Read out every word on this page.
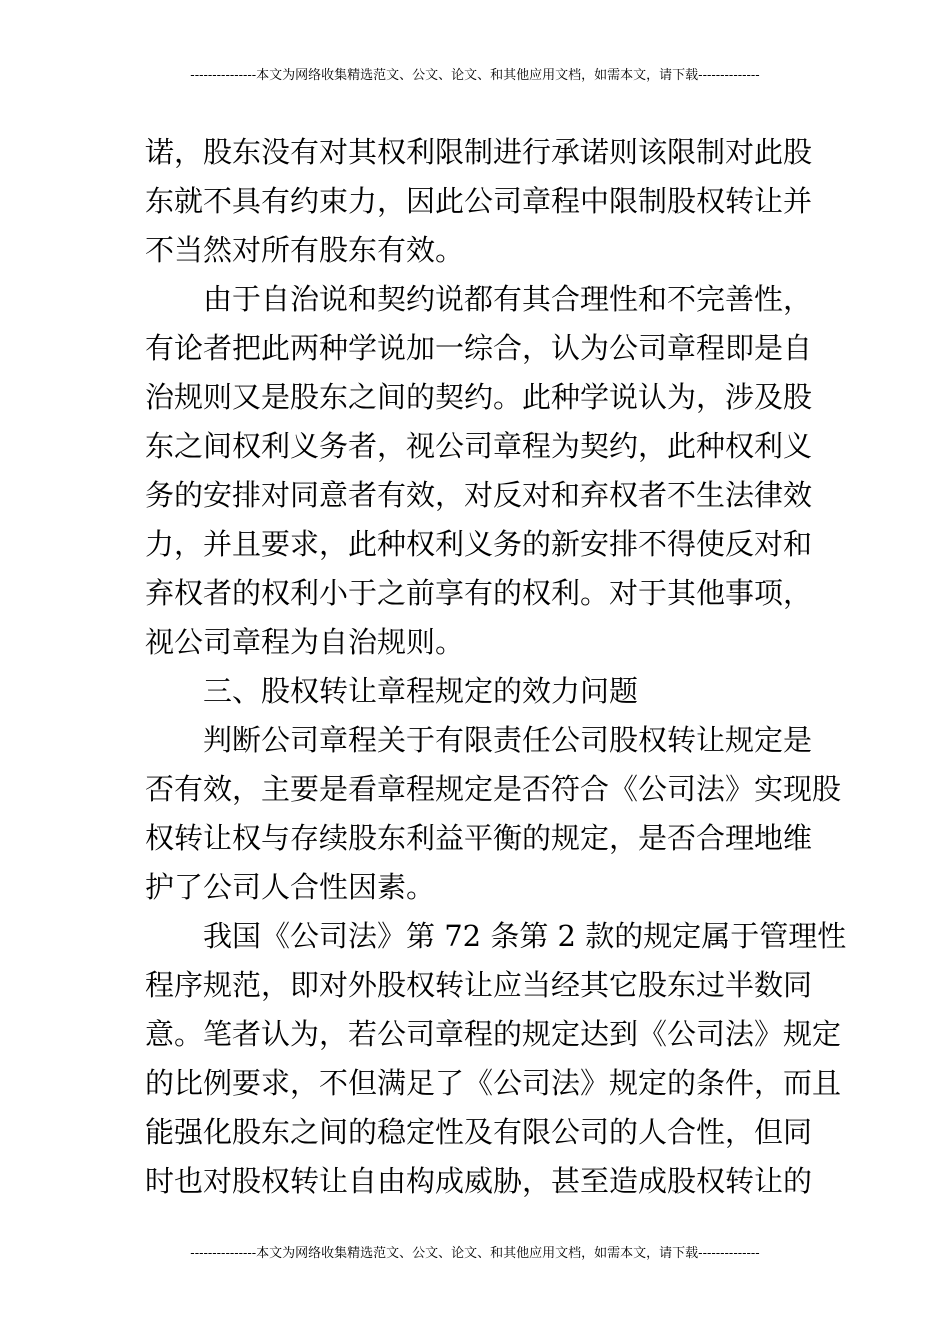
---------------本文为网络收集精选范文、公文、论文、和其他应用文档，如需本文，请下载--------------
诺，股东没有对其权利限制进行承诺则该限制对此股
东就不具有约束力，因此公司章程中限制股权转让并
不当然对所有股东有效。
由于自治说和契约说都有其合理性和不完善性，
有论者把此两种学说加一综合，认为公司章程即是自
治规则又是股东之间的契约。此种学说认为，涉及股
东之间权利义务者，视公司章程为契约，此种权利义
务的安排对同意者有效，对反对和弃权者不生法律效
力，并且要求，此种权利义务的新安排不得使反对和
弃权者的权利小于之前享有的权利。对于其他事项，
视公司章程为自治规则。
三、股权转让章程规定的效力问题
判断公司章程关于有限责任公司股权转让规定是
否有效，主要是看章程规定是否符合《公司法》实现股
权转让权与存续股东利益平衡的规定，是否合理地维
护了公司人合性因素。
我国《公司法》第 72 条第 2 款的规定属于管理性
程序规范，即对外股权转让应当经其它股东过半数同
意。笔者认为，若公司章程的规定达到《公司法》规定
的比例要求，不但满足了《公司法》规定的条件，而且
能强化股东之间的稳定性及有限公司的人合性，但同
时也对股权转让自由构成威胁，甚至造成股权转让的
---------------本文为网络收集精选范文、公文、论文、和其他应用文档，如需本文，请下载--------------
